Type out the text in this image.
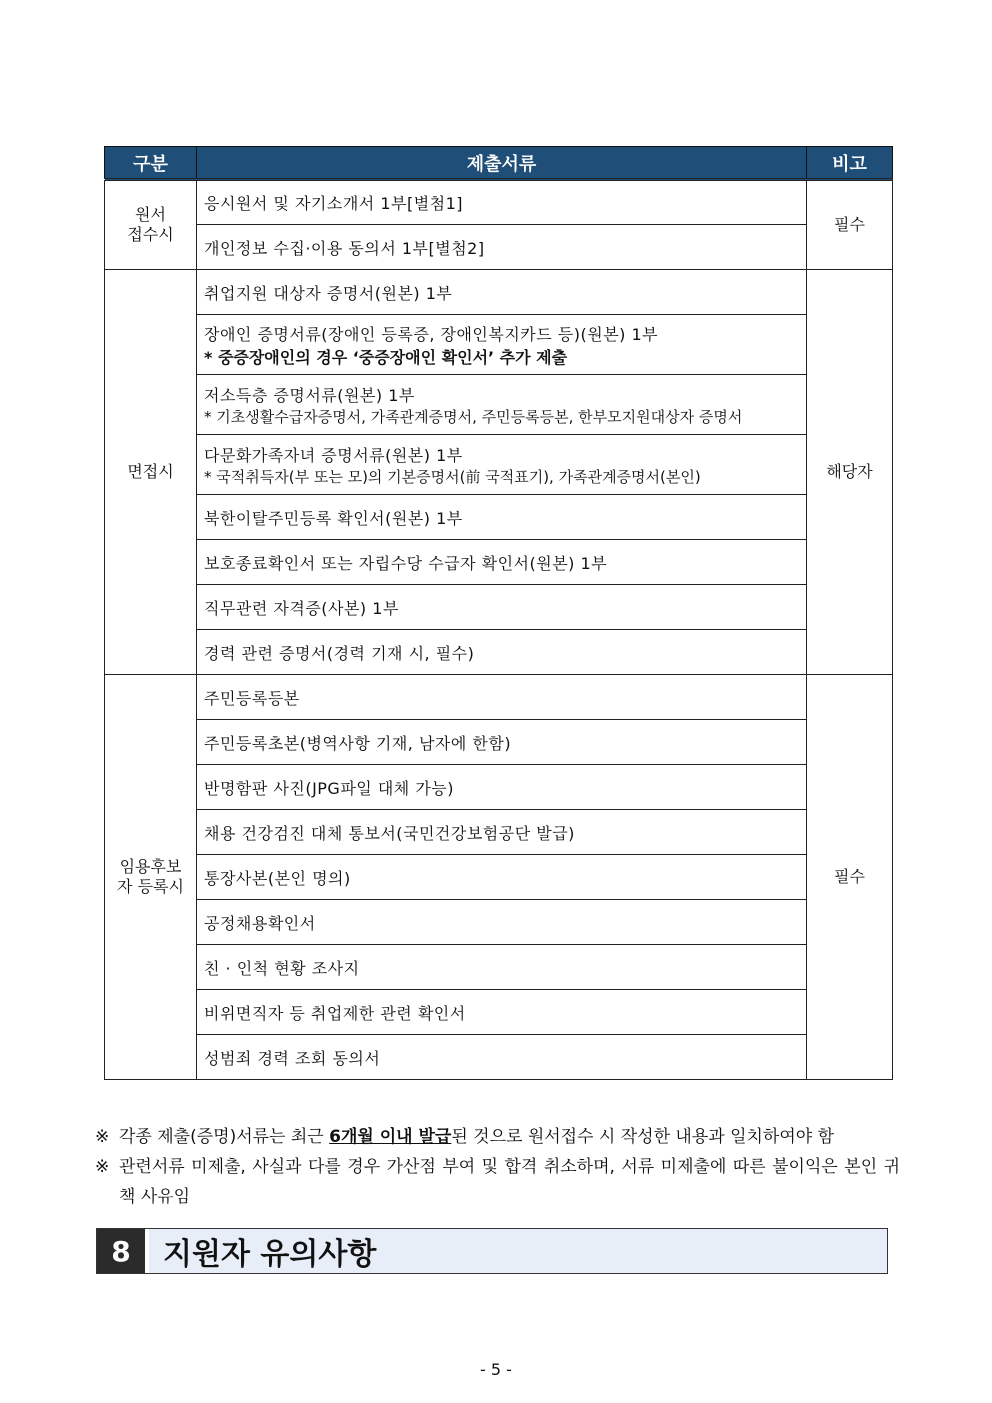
구분	제출서류	비고
원서
접수시	응시원서 및 자기소개서 1부[별첨1]	필수
	개인정보 수집·이용 동의서 1부[별첨2]	
면접시	취업지원 대상자 증명서(원본) 1부	해당자
	장애인 증명서류(장애인 등록증, 장애인복지카드 등)(원본) 1부
* 중증장애인의 경우 ‘중증장애인 확인서’ 추가 제출	

	저소득층 증명서류(원본) 1부
* 기초생활수급자증명서, 가족관계증명서, 주민등록등본, 한부모지원대상자 증명서	

	다문화가족자녀 증명서류(원본) 1부
* 국적취득자(부 또는 모)의 기본증명서(前 국적표기), 가족관계증명서(본인)	

	북한이탈주민등록 확인서(원본) 1부	
	보호종료확인서 또는 자립수당 수급자 확인서(원본) 1부	
	직무관련 자격증(사본) 1부	
	경력 관련 증명서(경력 기재 시, 필수)	
임용후보
자 등록시	주민등록등본	필수
	주민등록초본(병역사항 기재, 남자에 한함)	
	반명함판 사진(JPG파일 대체 가능)	
	채용 건강검진 대체 통보서(국민건강보험공단 발급)	
	통장사본(본인 명의)	
	공정채용확인서	
	친 · 인척 현황 조사지	
	비위면직자 등 취업제한 관련 확인서	
	성범죄 경력 조회 동의서	
※ 각종 제출(증명)서류는 최근 6개월 이내 발급된 것으로 원서접수 시 작성한 내용과 일치하여야 함
※ 관련서류 미제출, 사실과 다를 경우 가산점 부여 및 합격 취소하며, 서류 미제출에 따른 불이익은 본인 귀책 사유임
8	지원자 유의사항
- 5 -
